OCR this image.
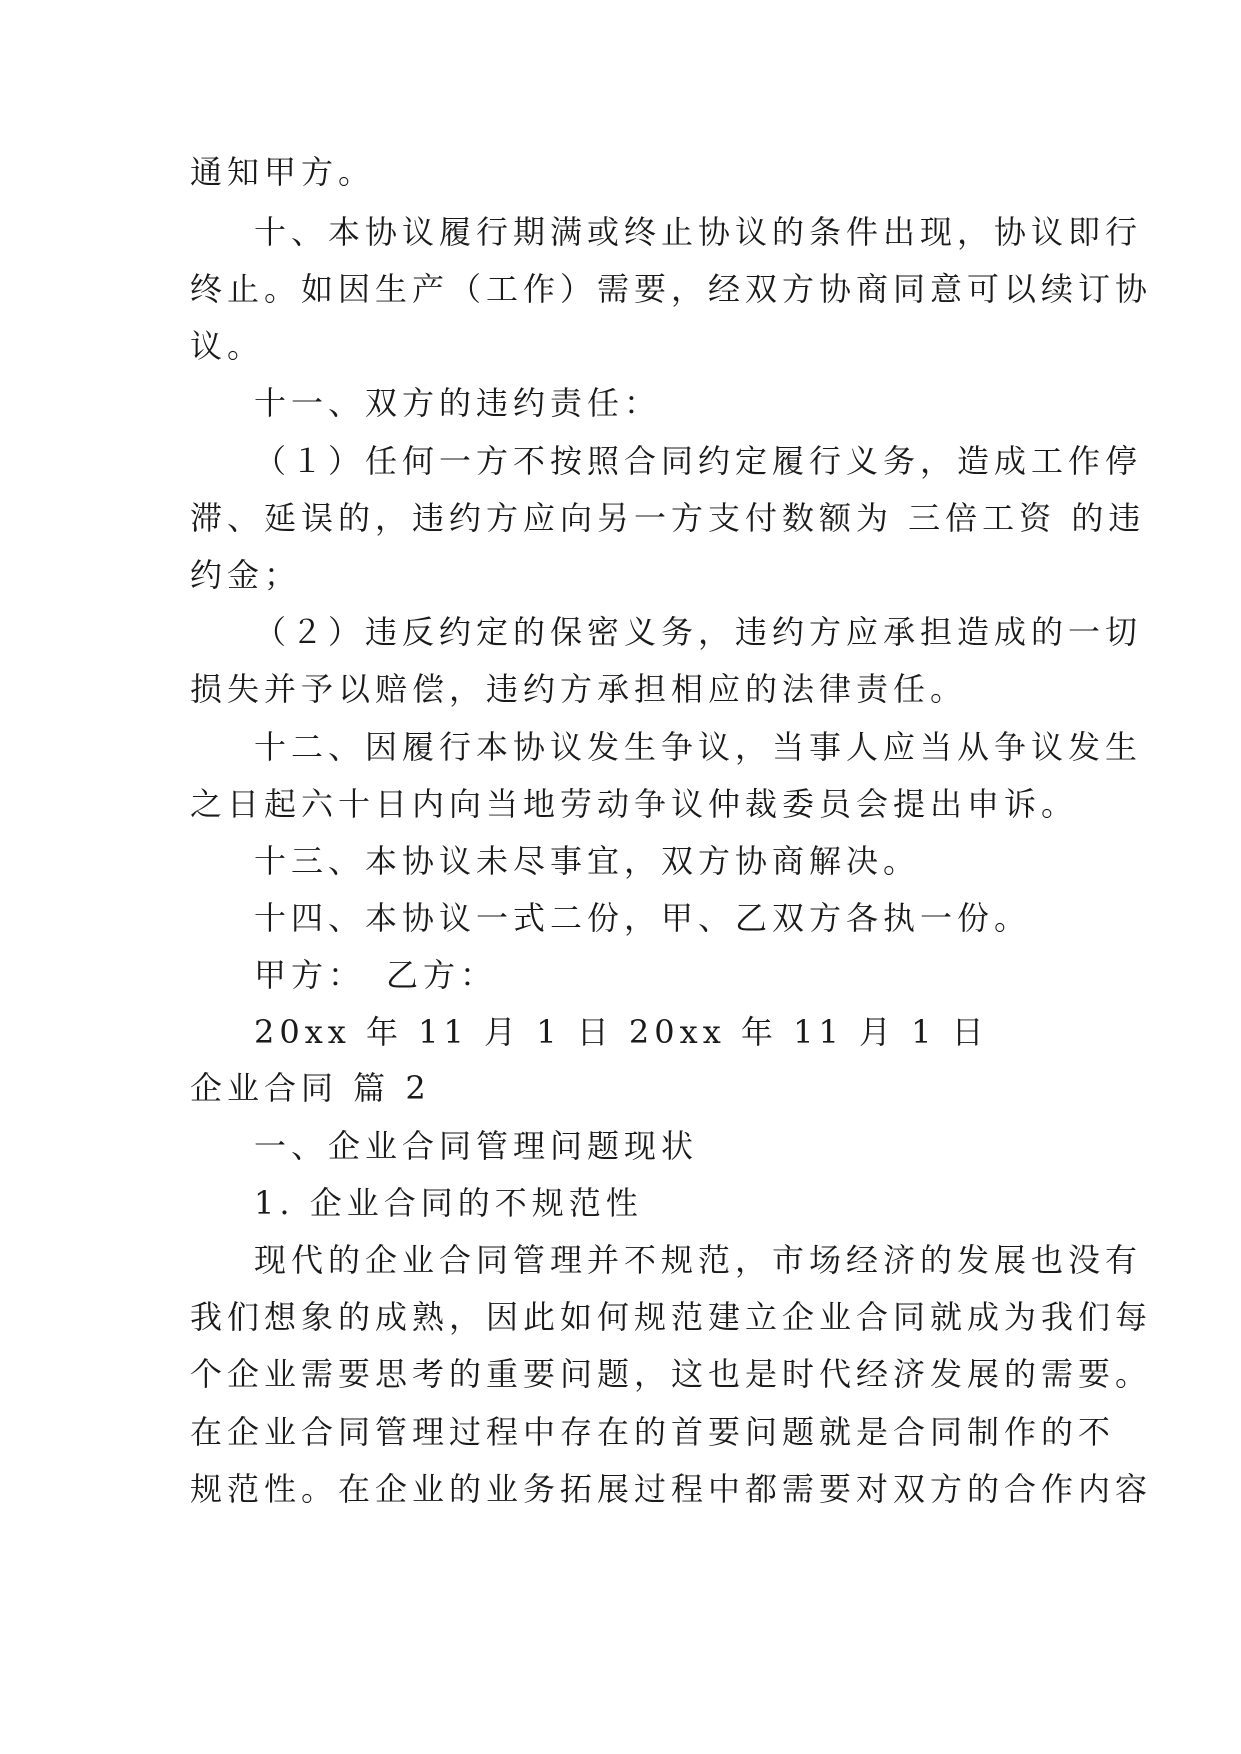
通知甲方。
十、本协议履行期满或终止协议的条件出现，协议即行
终止。如因生产（工作）需要，经双方协商同意可以续订协
议。
十一、双方的违约责任：
（１）任何一方不按照合同约定履行义务，造成工作停
滞、延误的，违约方应向另一方支付数额为 三倍工资 的违
约金；
（２）违反约定的保密义务，违约方应承担造成的一切
损失并予以赔偿，违约方承担相应的法律责任。
十二、因履行本协议发生争议，当事人应当从争议发生
之日起六十日内向当地劳动争议仲裁委员会提出申诉。
十三、本协议未尽事宜，双方协商解决。
十四、本协议一式二份，甲、乙双方各执一份。
甲方：　乙方：
20xx 年 11 月 1 日 20xx 年 11 月 1 日
企业合同 篇 2
一、企业合同管理问题现状
1. 企业合同的不规范性
现代的企业合同管理并不规范，市场经济的发展也没有
我们想象的成熟，因此如何规范建立企业合同就成为我们每
个企业需要思考的重要问题，这也是时代经济发展的需要。
在企业合同管理过程中存在的首要问题就是合同制作的不
规范性。在企业的业务拓展过程中都需要对双方的合作内容
